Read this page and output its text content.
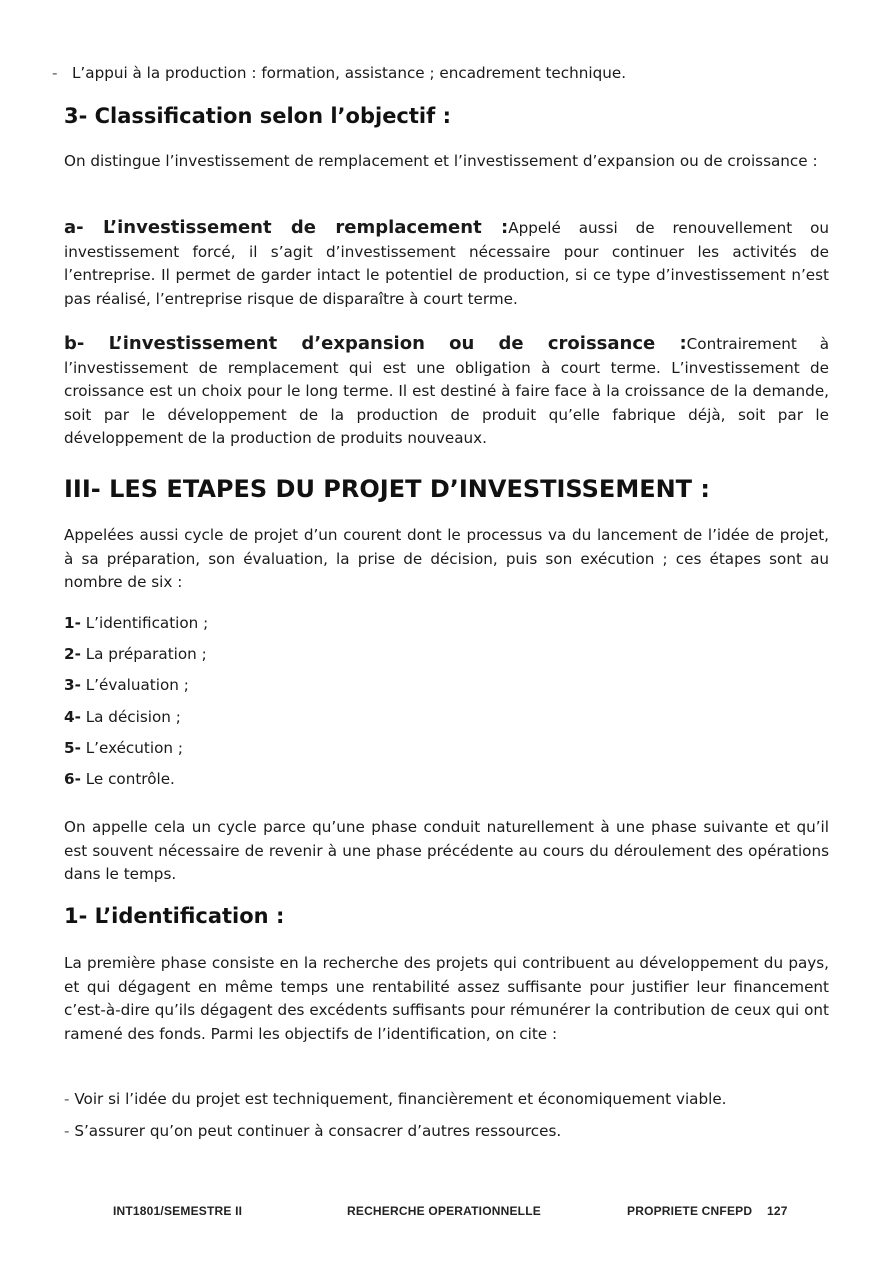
- L’appui à la production : formation, assistance ; encadrement technique.
3- Classification selon l’objectif :

On distingue l’investissement de remplacement et l’investissement d’expansion ou de croissance :

a- L’investissement de remplacement :Appelé aussi de renouvellement ou investissement forcé, il s’agit d’investissement nécessaire pour continuer les activités de l’entreprise. Il permet de garder intact le potentiel de production, si ce type d’investissement n’est pas réalisé, l’entreprise risque de disparaître à court terme.

b- L’investissement d’expansion ou de croissance :Contrairement à l’investissement de remplacement qui est une obligation à court terme. L’investissement de croissance est un choix pour le long terme. Il est destiné à faire face à la croissance de la demande, soit par le développement de la production de produit qu’elle fabrique déjà, soit par le développement de la production de produits nouveaux.

III- LES ETAPES DU PROJET D’INVESTISSEMENT :

Appelées aussi cycle de projet d’un courent dont le processus va du lancement de l’idée de projet, à sa préparation, son évaluation, la prise de décision, puis son exécution ; ces étapes sont au nombre de six :

1- L’identification ;
2- La préparation ;
3- L’évaluation ;
4- La décision ;
5- L’exécution ;
6- Le contrôle.

On appelle cela un cycle parce qu’une phase conduit naturellement à une phase suivante et qu’il est souvent nécessaire de revenir à une phase précédente au cours du déroulement des opérations dans le temps.

1- L’identification :

La première phase consiste en la recherche des projets qui contribuent au développement du pays, et qui dégagent en même temps une rentabilité assez suffisante pour justifier leur financement c’est-à-dire qu’ils dégagent des excédents suffisants pour rémunérer la contribution de ceux qui ont ramené des fonds. Parmi les objectifs de l’identification, on cite :

- Voir si l’idée du projet est techniquement, financièrement et économiquement viable.
- S’assurer qu’on peut continuer à consacrer d’autres ressources.
INT1801/SEMESTRE II	RECHERCHE OPERATIONNELLE	PROPRIETE CNFEPD 127
